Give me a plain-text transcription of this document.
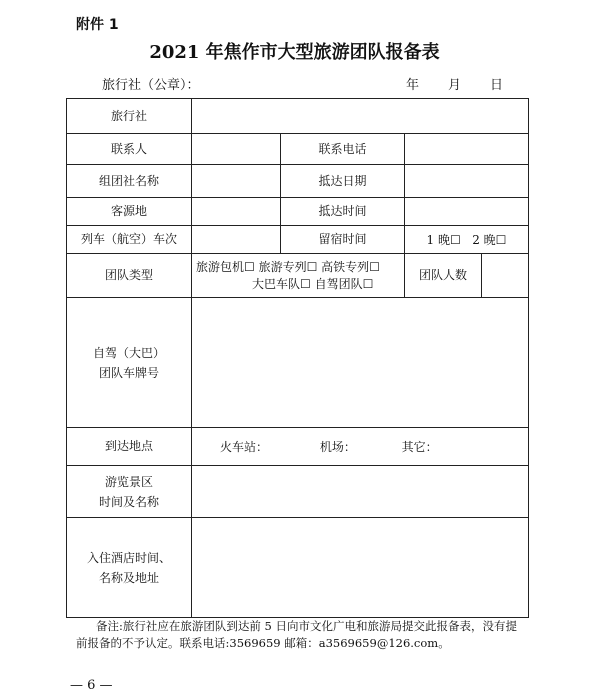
附件 1
2021 年焦作市大型旅游团队报备表
旅行社（公章）：	年 月 日
旅行社				

联系人		联系电话		

组团社名称		抵达日期		

客源地		抵达时间		

列车（航空）车次		留宿时间	1 晚☐ 2 晚☐	
团队类型	旅游包机☐ 旅游专列☐ 高铁专列☐
大巴车队☐ 自驾团队☐		团队人数	

自驾（大巴）
团队车牌号				

到达地点	火车站： 机场： 其它：			

游览景区
时间及名称				

入住酒店时间、
名称及地址				

备注:旅行社应在旅游团队到达前 5 日向市文化广电和旅游局提交此报备表，没有提前报备的不予认定。联系电话:3569659 邮箱：a3569659@126.com。
— 6 —
